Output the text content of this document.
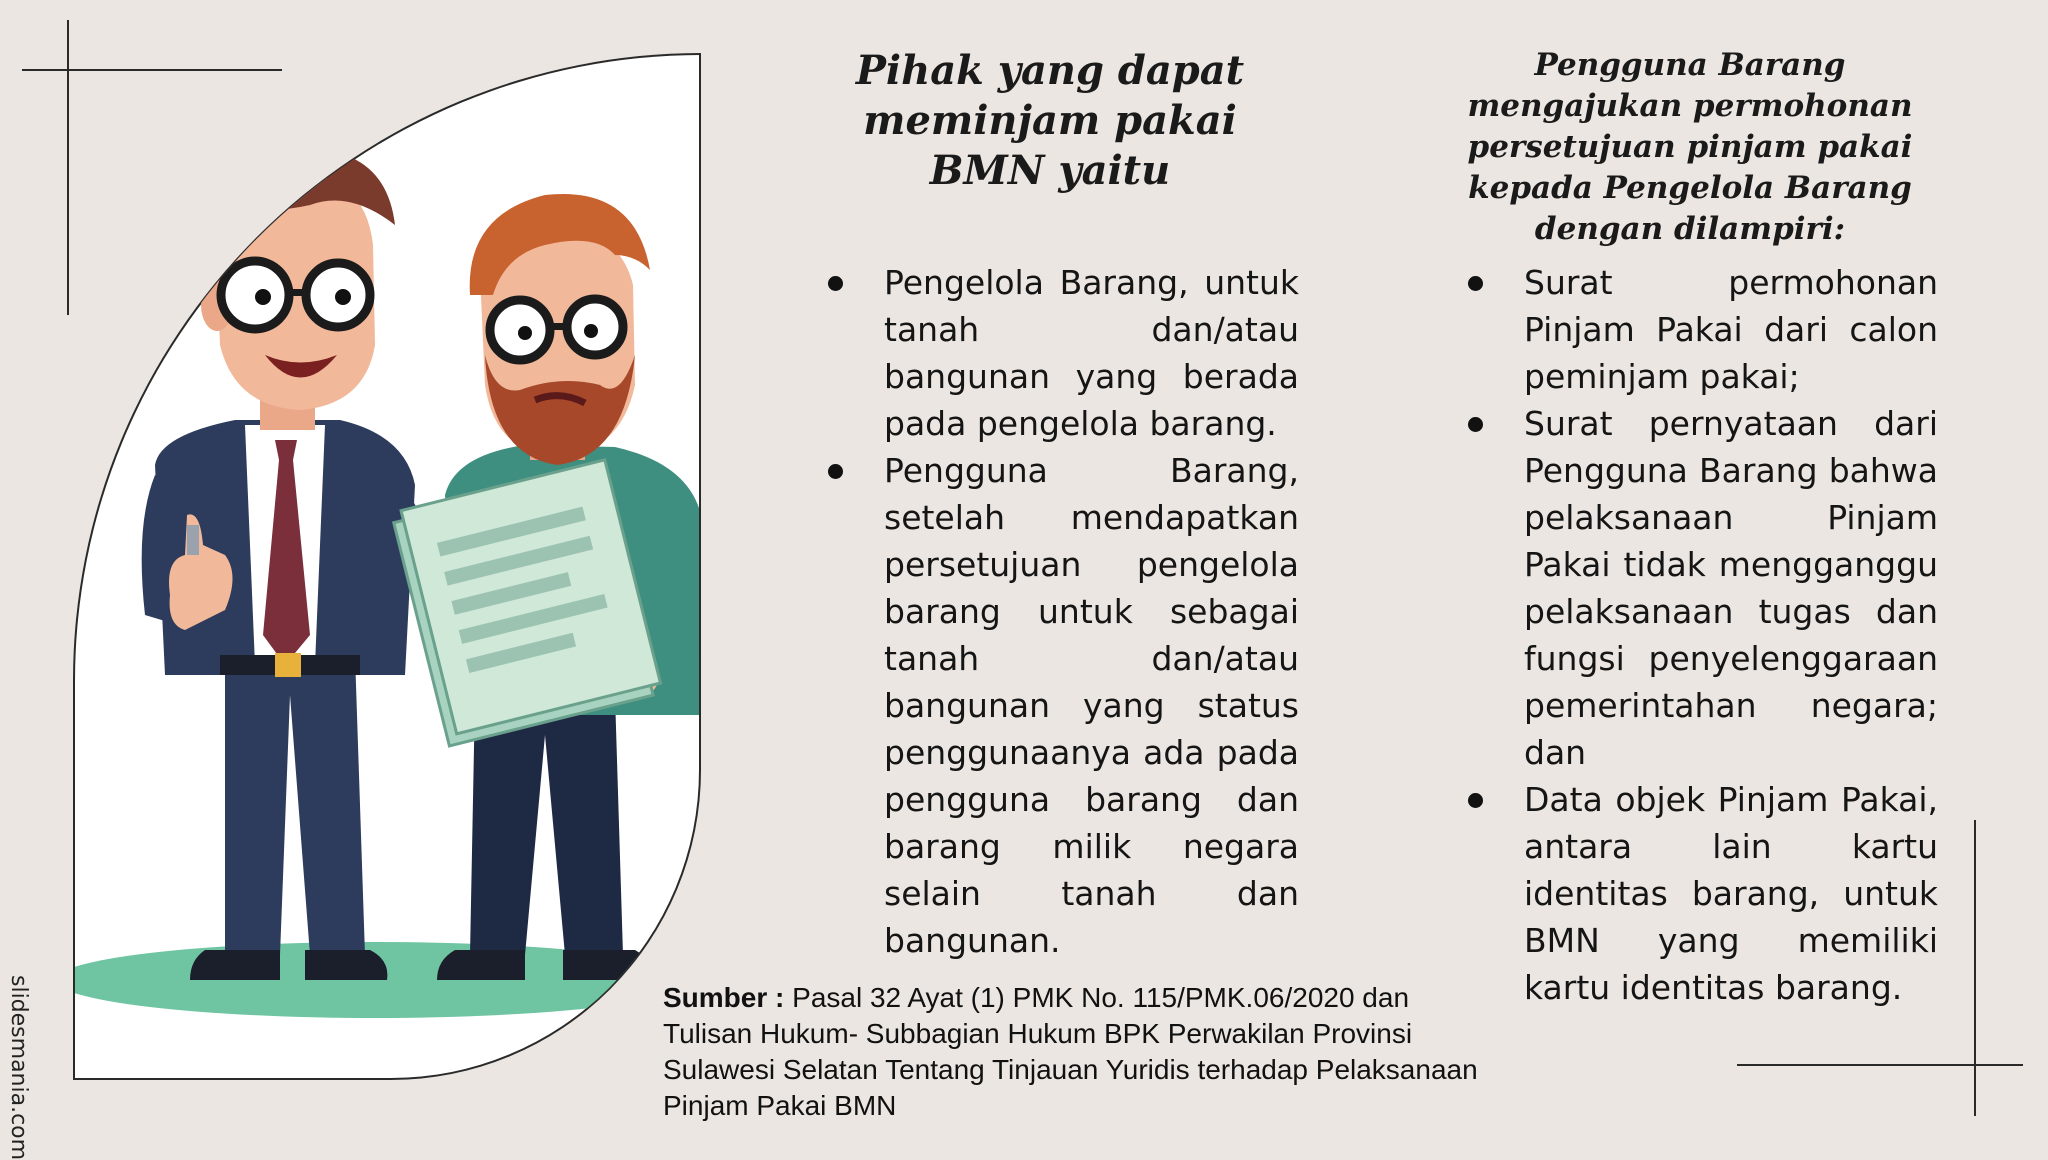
Pihak yang dapat meminjam pakai BMN yaitu
Pengelola Barang, untuk tanah dan/atau bangunan yang berada pada pengelola barang.
Pengguna Barang, setelah mendapatkan persetujuan pengelola barang untuk sebagai tanah dan/atau bangunan yang status penggunaanya ada pada pengguna barang dan barang milik negara selain tanah dan bangunan.
Pengguna Barang mengajukan permohonan persetujuan pinjam pakai kepada Pengelola Barang dengan dilampiri:
Surat permohonan Pinjam Pakai dari calon peminjam pakai;
Surat pernyataan dari Pengguna Barang bahwa pelaksanaan Pinjam Pakai tidak mengganggu pelaksanaan tugas dan fungsi penyelenggaraan pemerintahan negara; dan
Data objek Pinjam Pakai, antara lain kartu identitas barang, untuk BMN yang memiliki kartu identitas barang.
Sumber : Pasal 32 Ayat (1) PMK No. 115/PMK.06/2020 dan Tulisan Hukum- Subbagian Hukum BPK Perwakilan Provinsi Sulawesi Selatan Tentang Tinjauan Yuridis terhadap Pelaksanaan Pinjam Pakai BMN
slidesmania.com
